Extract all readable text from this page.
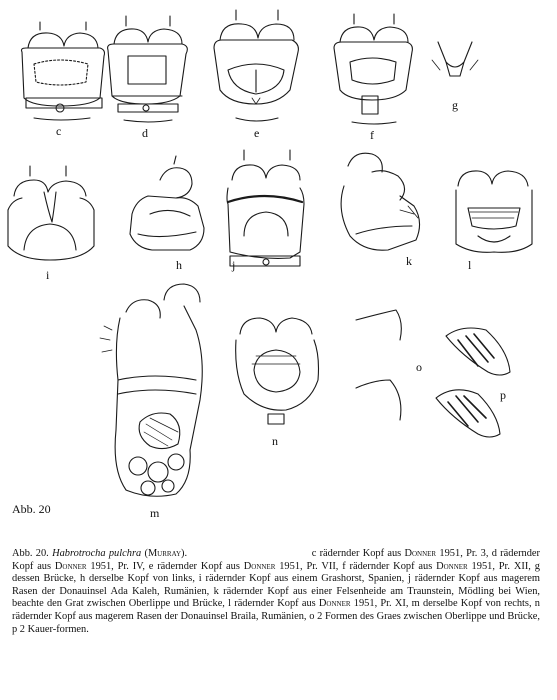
c	d	e	f
g
h
i
j	k	l
m
n
o
p
Abb. 20
Abb. 20. Habrotrocha pulchra (Murray).	c rädernder Kopf aus Donner 1951, Pr. 3, d rädernder Kopf aus Donner 1951, Pr. IV, e rädernder Kopf aus Donner 1951, Pr. VII, f rädernder Kopf aus Donner 1951, Pr. XII, g dessen Brücke, h derselbe Kopf von links, i rädernder Kopf aus einem Grashorst, Spanien, j rädernder Kopf aus magerem Rasen der Donauinsel Ada Kaleh, Rumänien, k rädernder Kopf aus einer Felsenheide am Traunstein, Mödling bei Wien, beachte den Grat zwischen Oberlippe und Brücke, l rädernder Kopf aus Donner 1951, Pr. XI, m derselbe Kopf von rechts, n rädernder Kopf aus magerem Rasen der Donauinsel Braila, Rumänien, o 2 Formen des Graes zwischen Oberlippe und Brücke, p 2 Kauer-formen.
